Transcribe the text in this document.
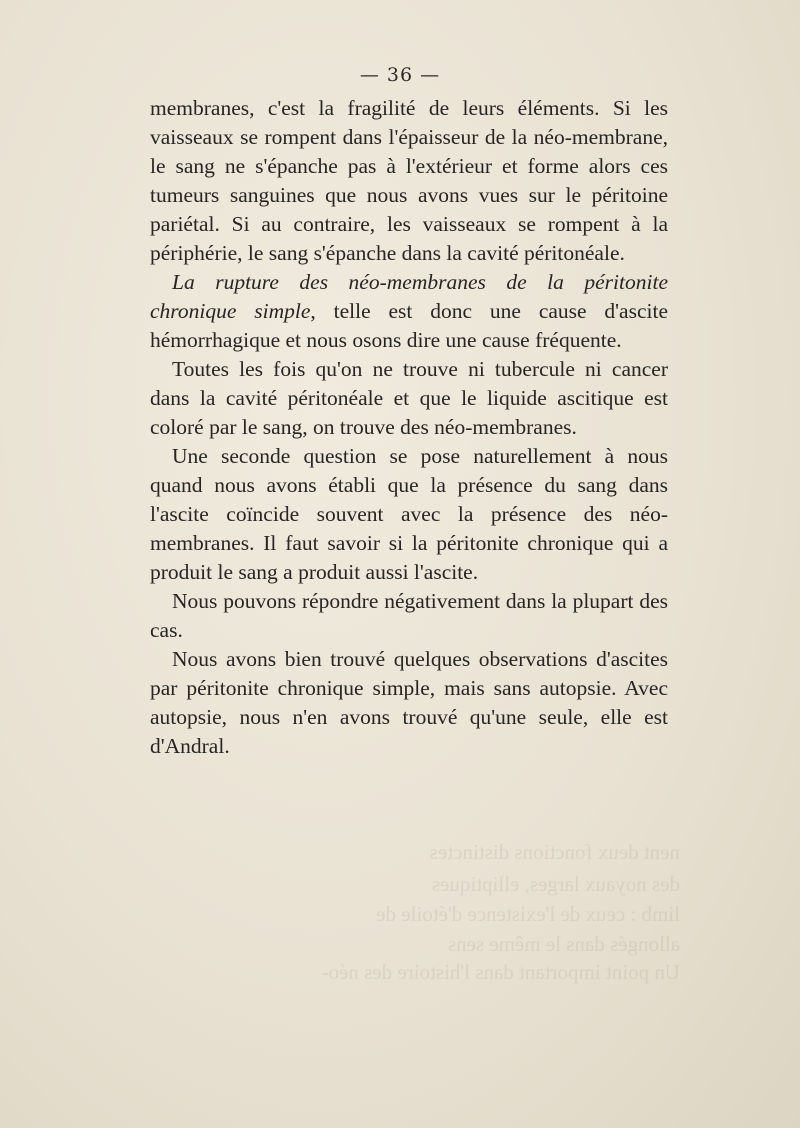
nent deux fonctions distinctes
des noyaux larges, elliptiques
limb : ceux de l'existence d'étoile de
allongés dans le même sens
Un point important dans l'histoire des néo-
— 36 —

membranes, c'est la fragilité de leurs éléments. Si les vaisseaux se rompent dans l'épaisseur de la néo-membrane, le sang ne s'épanche pas à l'extérieur et forme alors ces tumeurs sanguines que nous avons vues sur le péritoine pariétal. Si au contraire, les vaisseaux se rompent à la périphérie, le sang s'épanche dans la cavité péritonéale.

La rupture des néo-membranes de la péritonite chronique simple, telle est donc une cause d'ascite hémorrhagique et nous osons dire une cause fréquente.

Toutes les fois qu'on ne trouve ni tubercule ni cancer dans la cavité péritonéale et que le liquide ascitique est coloré par le sang, on trouve des néo-membranes.

Une seconde question se pose naturellement à nous quand nous avons établi que la présence du sang dans l'ascite coïncide souvent avec la présence des néo-membranes. Il faut savoir si la péritonite chronique qui a produit le sang a produit aussi l'ascite.

Nous pouvons répondre négativement dans la plupart des cas.

Nous avons bien trouvé quelques observations d'ascites par péritonite chronique simple, mais sans autopsie. Avec autopsie, nous n'en avons trouvé qu'une seule, elle est d'Andral.
